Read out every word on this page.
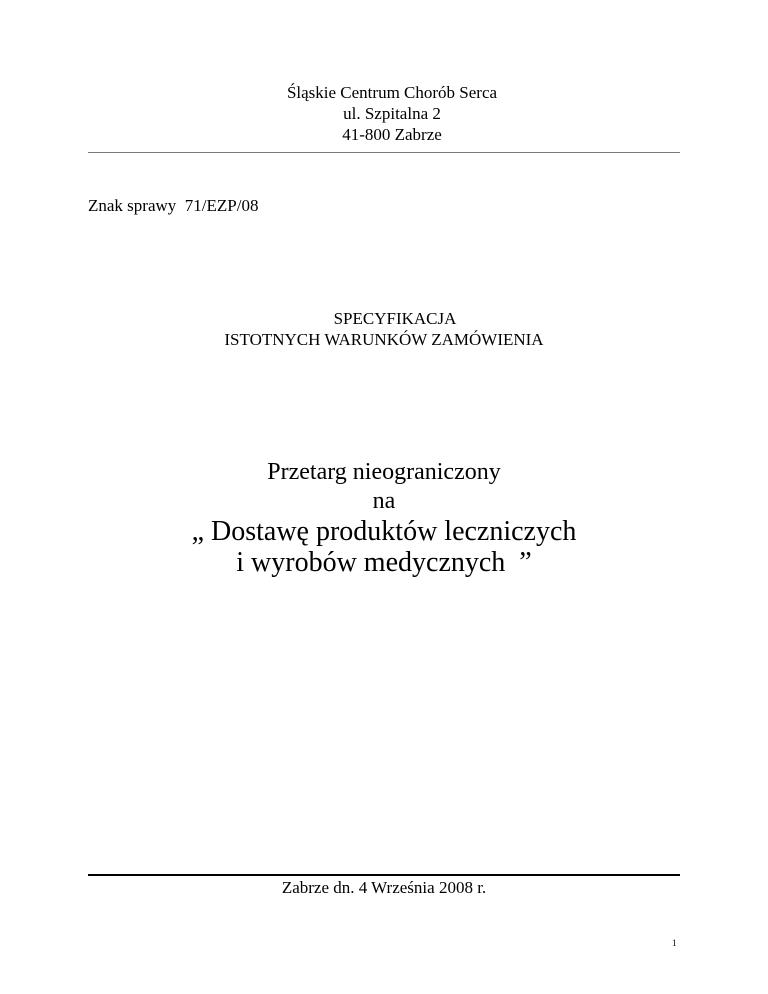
Śląskie Centrum Chorób Serca
ul. Szpitalna 2
41-800 Zabrze
Znak sprawy  71/EZP/08
SPECYFIKACJA
ISTOTNYCH WARUNKÓW ZAMÓWIENIA
Przetarg nieograniczony
na
„ Dostawę produktów leczniczych
i wyrobów medycznych  ”
Zabrze dn. 4 Września 2008 r.
1
